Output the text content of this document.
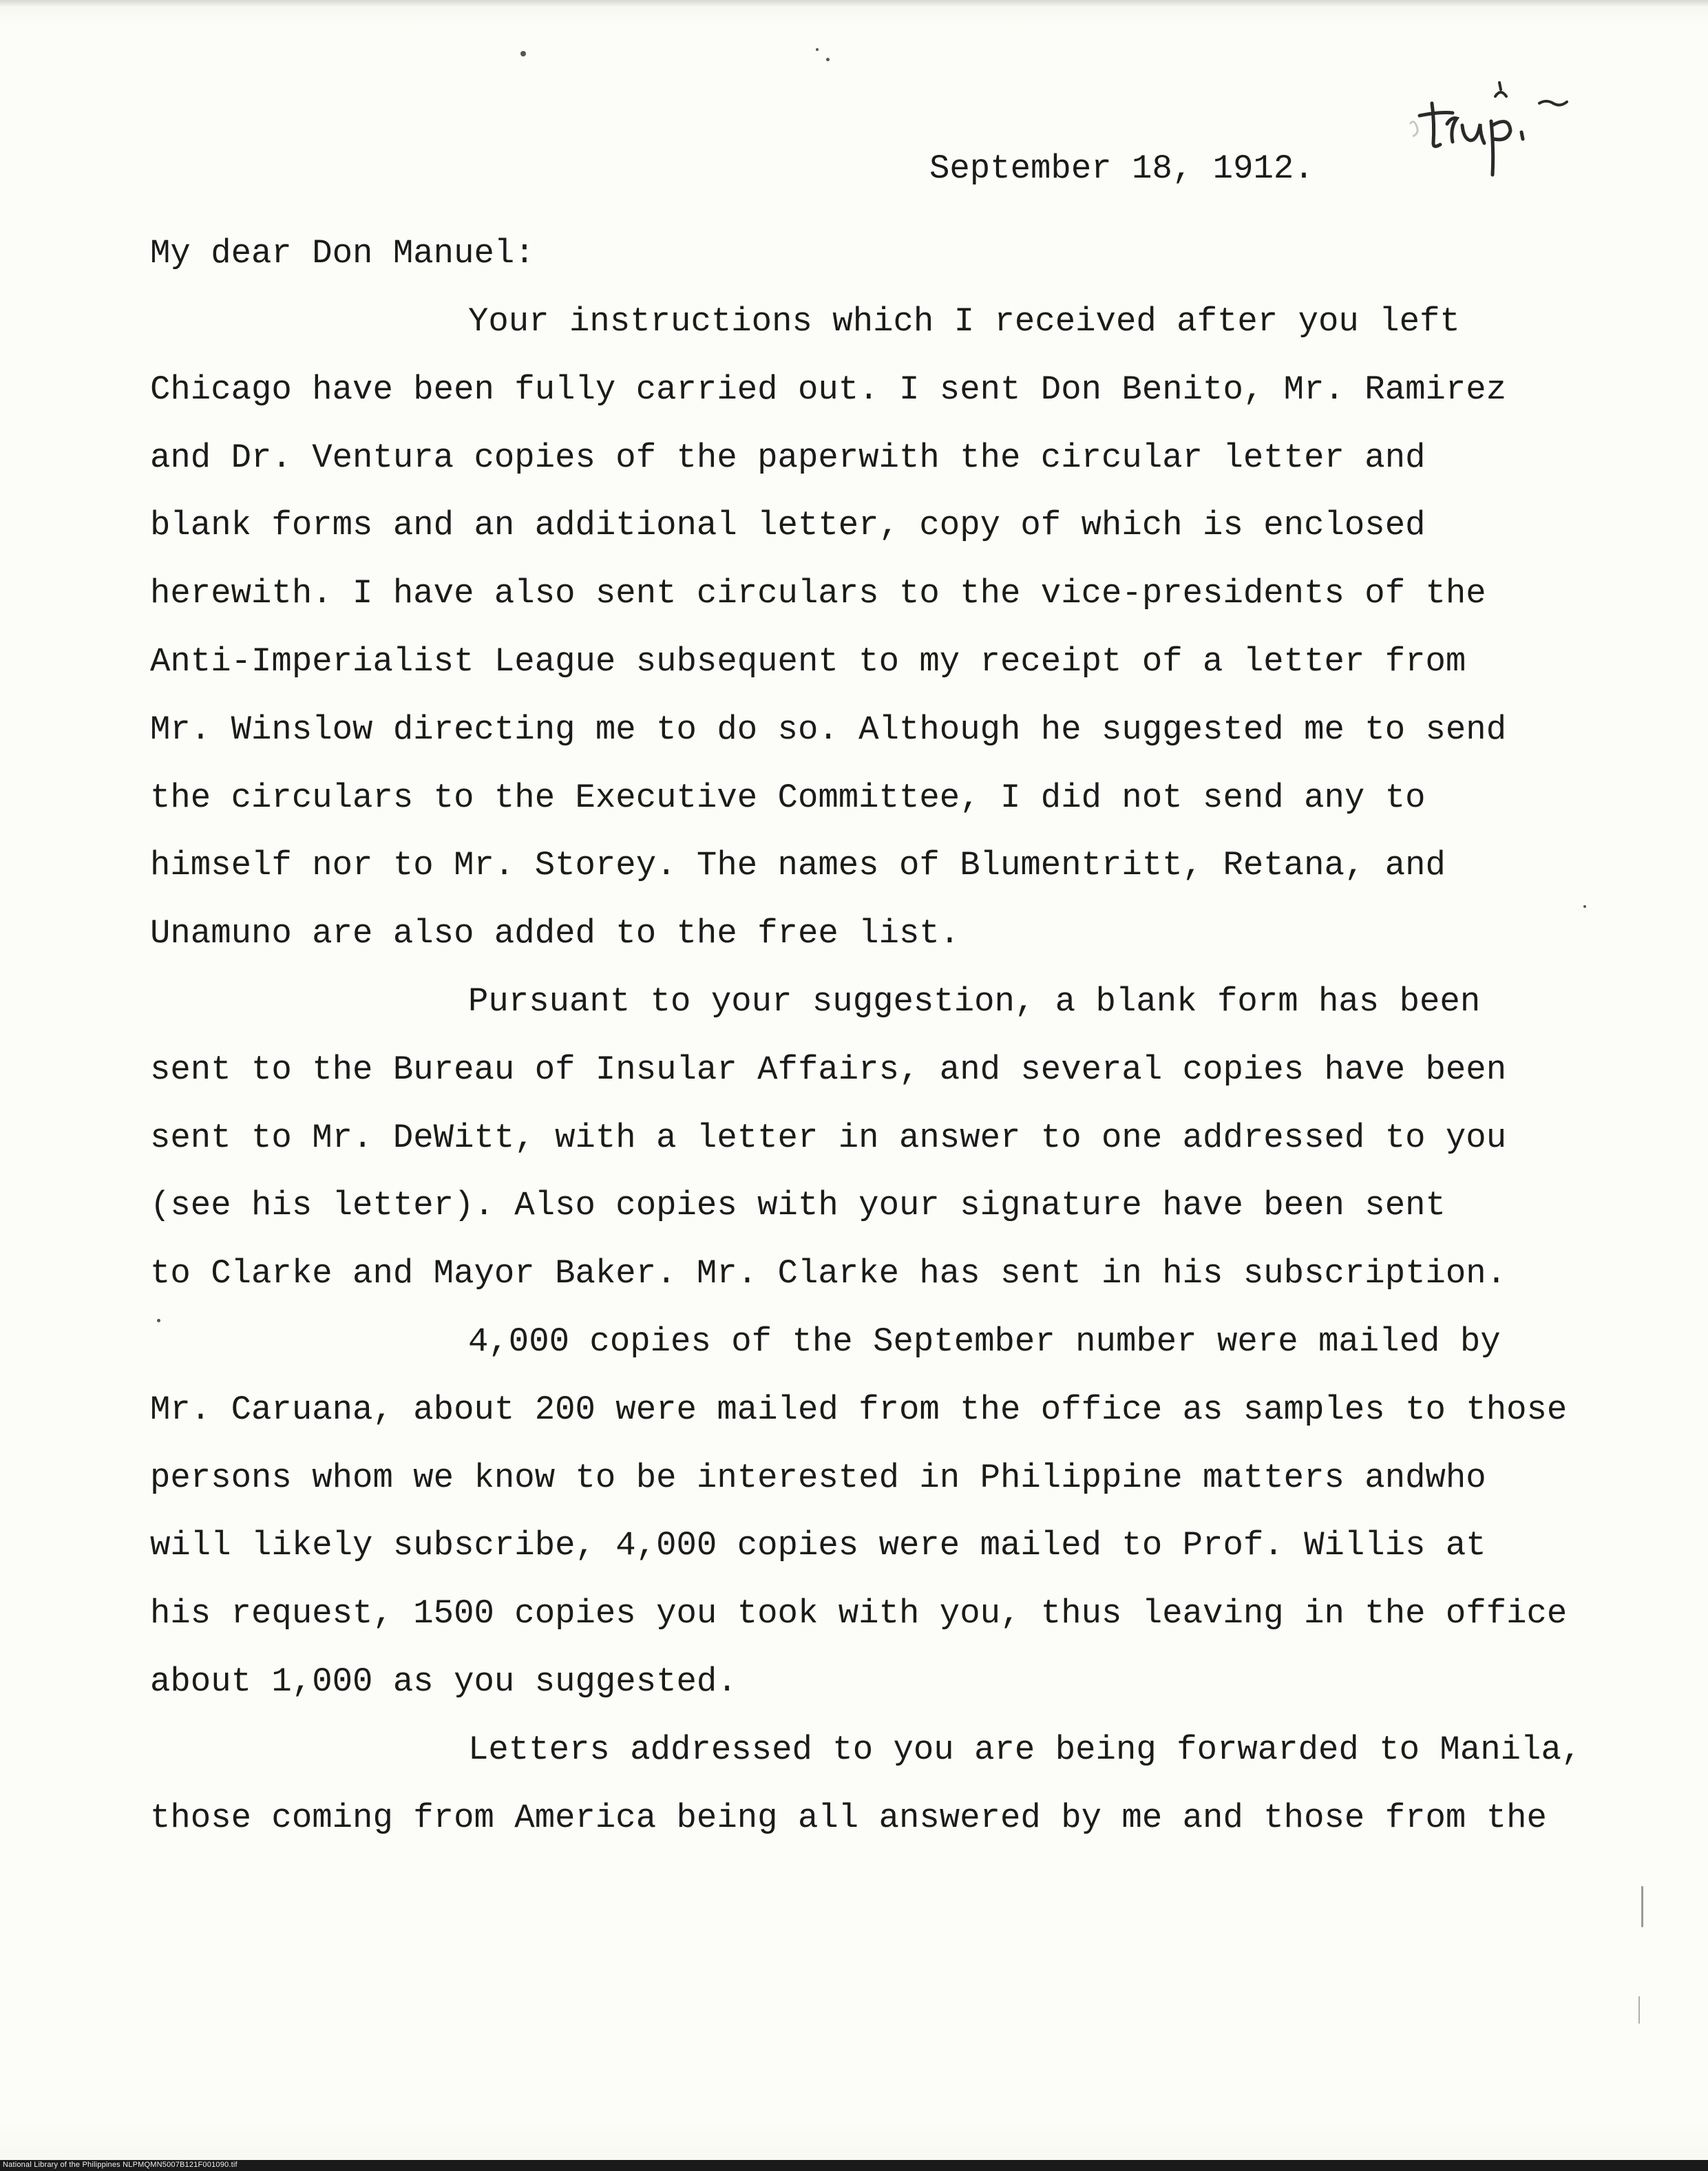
trip

September 18, 1912.

My dear Don Manuel:

Your instructions which I received after you left

Chicago have been fully carried out. I sent Don Benito, Mr. Ramirez

and Dr. Ventura copies of the paperwith the circular letter and

blank forms and an additional letter, copy of which is enclosed

herewith. I have also sent circulars to the vice-presidents of the

Anti-Imperialist League subsequent to my receipt of a letter from

Mr. Winslow directing me to do so. Although he suggested me to send

the circulars to the Executive Committee, I did not send any to

himself nor to Mr. Storey. The names of Blumentritt, Retana, and

Unamuno are also added to the free list.

Pursuant to your suggestion, a blank form has been

sent to the Bureau of Insular Affairs, and several copies have been

sent to Mr. DeWitt, with a letter in answer to one addressed to you

(see his letter). Also copies with your signature have been sent

to Clarke and Mayor Baker. Mr. Clarke has sent in his subscription.

4,000 copies of the September number were mailed by

Mr. Caruana, about 200 were mailed from the office as samples to those

persons whom we know to be interested in Philippine matters andwho

will likely subscribe, 4,000 copies were mailed to Prof. Willis at

his request, 1500 copies you took with you, thus leaving in the office

about 1,000 as you suggested.

Letters addressed to you are being forwarded to Manila,

those coming from America being all answered by me and those from the

National Library of the Philippines NLPMQMN5007B121F001090.tif
